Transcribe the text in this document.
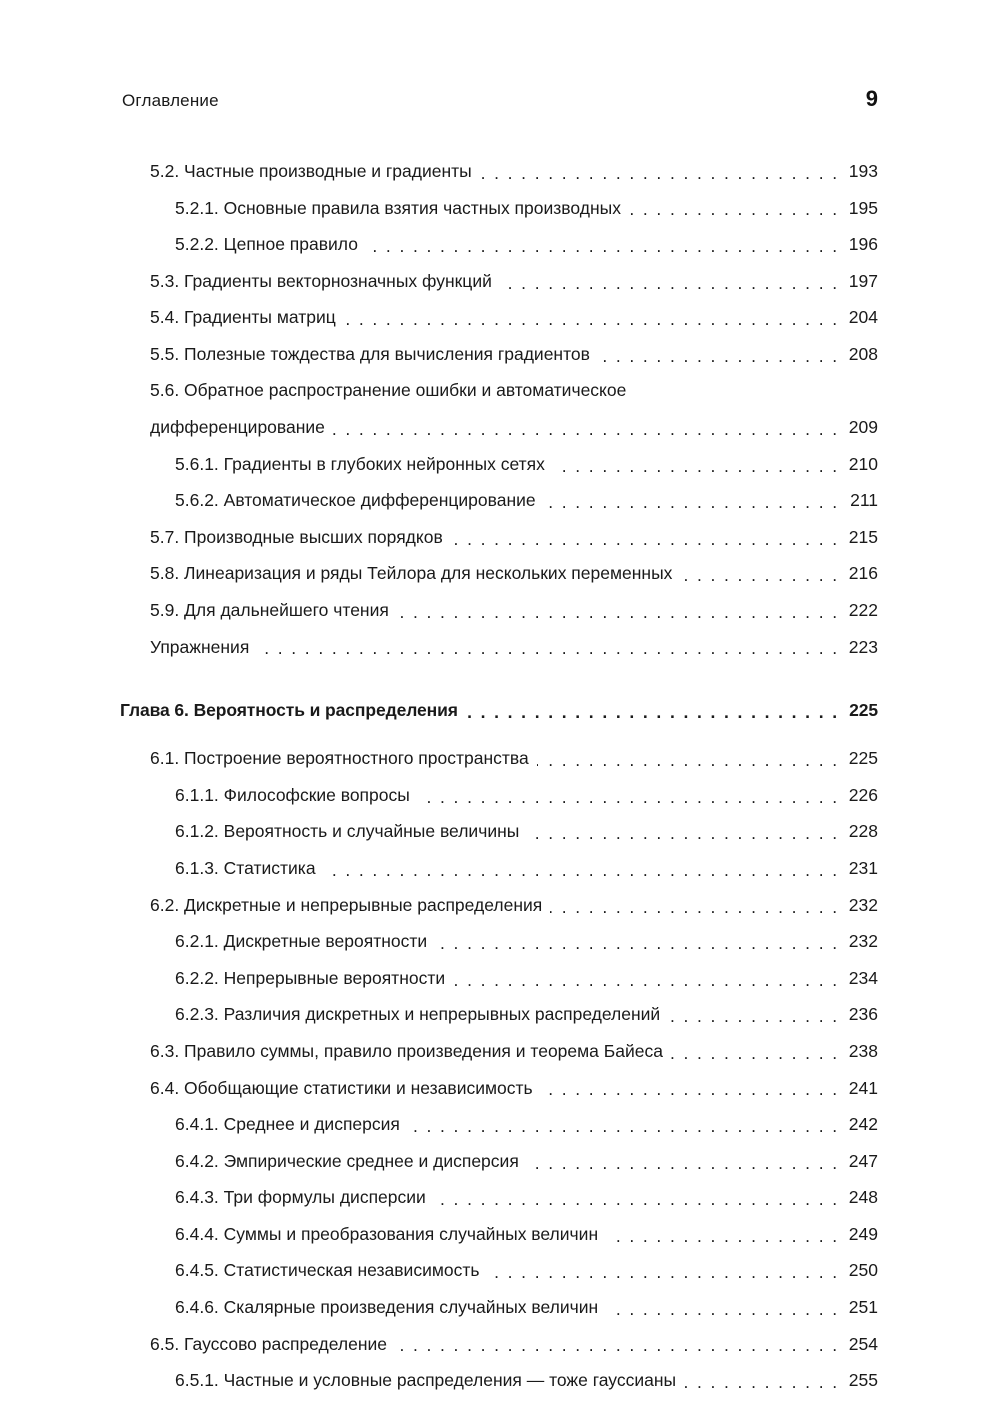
Оглавление	9
5.2. Частные производные и градиенты . . .	193
5.2.1. Основные правила взятия частных производных . . .	195
5.2.2. Цепное правило . . .	196
5.3. Градиенты векторнозначных функций . . .	197
5.4. Градиенты матриц . . .	204
5.5. Полезные тождества для вычисления градиентов . . .	208
5.6. Обратное распространение ошибки и автоматическое
дифференцирование . . .	209
5.6.1. Градиенты в глубоких нейронных сетях . . .	210
5.6.2. Автоматическое дифференцирование . . .	211
5.7. Производные высших порядков . . .	215
5.8. Линеаризация и ряды Тейлора для нескольких переменных . . .	216
5.9. Для дальнейшего чтения . . .	222
Упражнения . . .	223
Глава 6. Вероятность и распределения . . .	225
6.1. Построение вероятностного пространства . . .	225
6.1.1. Философские вопросы . . .	226
6.1.2. Вероятность и случайные величины . . .	228
6.1.3. Статистика . . .	231
6.2. Дискретные и непрерывные распределения . . .	232
6.2.1. Дискретные вероятности . . .	232
6.2.2. Непрерывные вероятности . . .	234
6.2.3. Различия дискретных и непрерывных распределений . . .	236
6.3. Правило суммы, правило произведения и теорема Байеса . . .	238
6.4. Обобщающие статистики и независимость . . .	241
6.4.1. Среднее и дисперсия . . .	242
6.4.2. Эмпирические среднее и дисперсия . . .	247
6.4.3. Три формулы дисперсии . . .	248
6.4.4. Суммы и преобразования случайных величин . . .	249
6.4.5. Статистическая независимость . . .	250
6.4.6. Скалярные произведения случайных величин . . .	251
6.5. Гауссово распределение . . .	254
6.5.1. Частные и условные распределения — тоже гауссианы . . .	255
